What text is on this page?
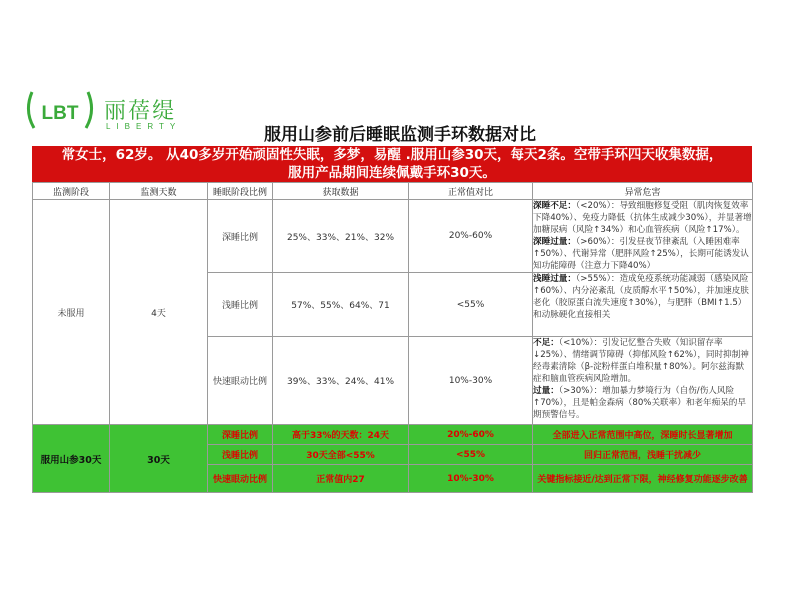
LBT 丽蓓缇
LIBERTY	服用山参前后睡眠监测手环数据对比
常女士，62岁。 从40多岁开始顽固性失眠，多梦，易醒 .服用山参30天，每天2条。空带手环四天收集数据，
服用产品期间连续佩戴手环30天。
监测阶段	监测天数	睡眠阶段比例	获取数据	正常值对比	异常危害
未服用	4天	深睡比例	25%、33%、21%、32%	20%-60%	深睡不足：（<20%）：导致细胞修复受阻（肌肉恢复效率下降40%）、免疫力降低（抗体生成减少30%），并显著增加糖尿病（风险↑34%）和心血管疾病（风险↑17%）。
深睡过量：（>60%）：引发昼夜节律紊乱（入睡困难率↑50%）、代谢异常（肥胖风险↑25%），长期可能诱发认知功能障碍（注意力下降40%）

		浅睡比例	57%、55%、64%、71	<55%	浅睡过量：（>55%）：造成免疫系统功能减弱（感染风险↑60%）、内分泌紊乱（皮质醇水平↑50%），并加速皮肤老化（胶原蛋白流失速度↑30%），与肥胖（BMI↑1.5）和动脉硬化直接相关

		快速眼动比例	39%、33%、24%、41%	10%-30%	不足：（<10%）：引发记忆整合失败（知识留存率↓25%）、情绪调节障碍（抑郁风险↑62%），同时抑制神经毒素清除（β-淀粉样蛋白堆积量↑80%）。阿尔兹海默症和脑血管疾病风险增加。
过量：（>30%）：增加暴力梦境行为（自伤/伤人风险↑70%），且是帕金森病（80%关联率）和老年痴呆的早期预警信号。

服用山参30天	30天	深睡比例	高于33%的天数：24天	20%-60%	全部进入正常范围中高位，深睡时长显著增加
		浅睡比例	30天全部<55%	<55%	回归正常范围，浅睡干扰减少
		快速眼动比例	正常值内27	10%-30%	关键指标接近/达到正常下限，神经修复功能逐步改善
